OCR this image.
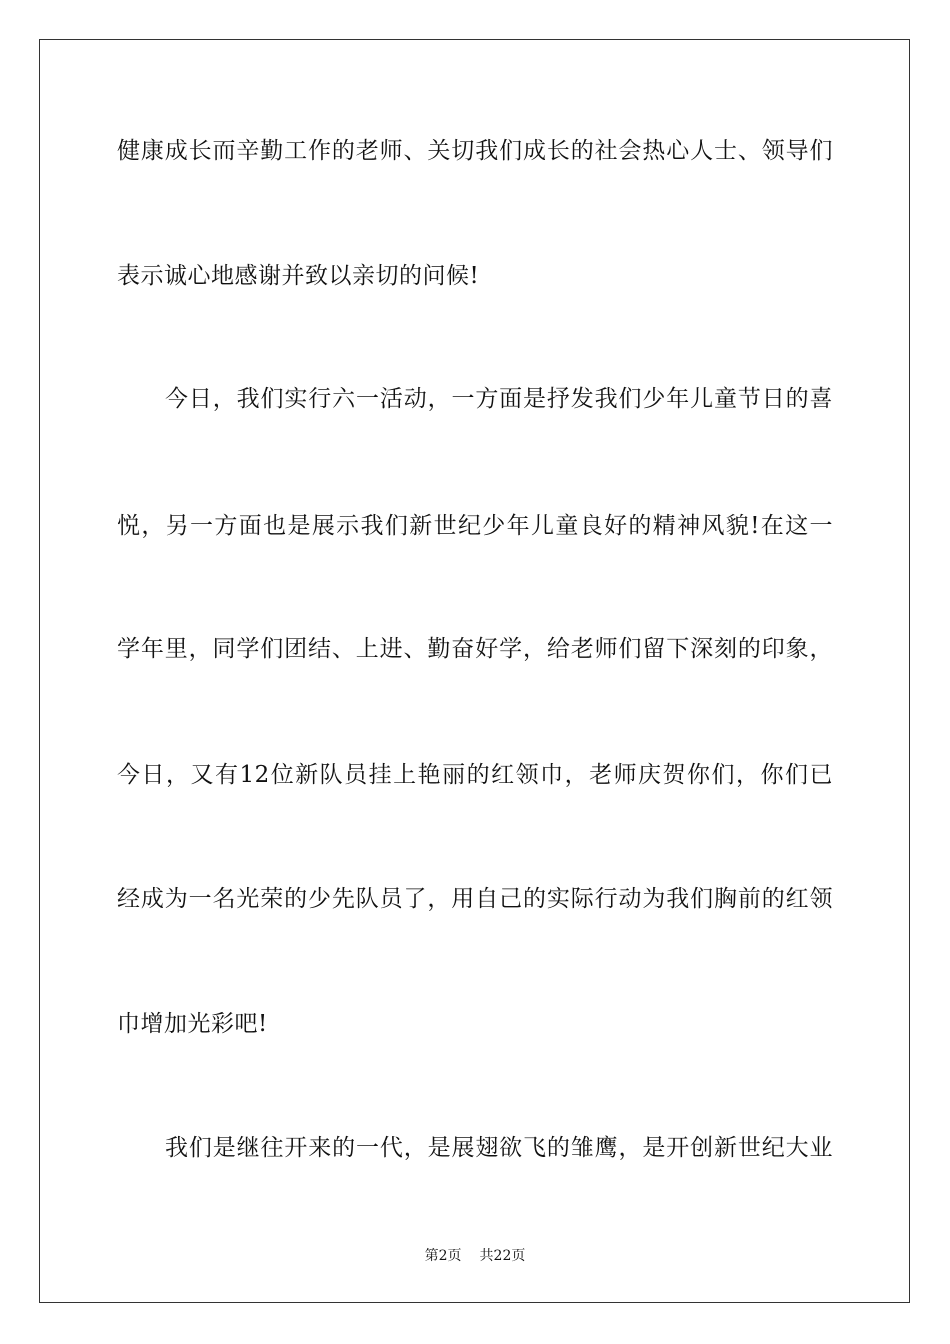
健康成长而辛勤工作的老师、关切我们成长的社会热心人士、领导们
表示诚心地感谢并致以亲切的问候!
今日，我们实行六一活动，一方面是抒发我们少年儿童节日的喜
悦，另一方面也是展示我们新世纪少年儿童良好的精神风貌!在这一
学年里，同学们团结、上进、勤奋好学，给老师们留下深刻的印象，
今日，又有12位新队员挂上艳丽的红领巾，老师庆贺你们，你们已
经成为一名光荣的少先队员了，用自己的实际行动为我们胸前的红领
巾增加光彩吧!
我们是继往开来的一代，是展翅欲飞的雏鹰，是开创新世纪大业
第2页 共22页
